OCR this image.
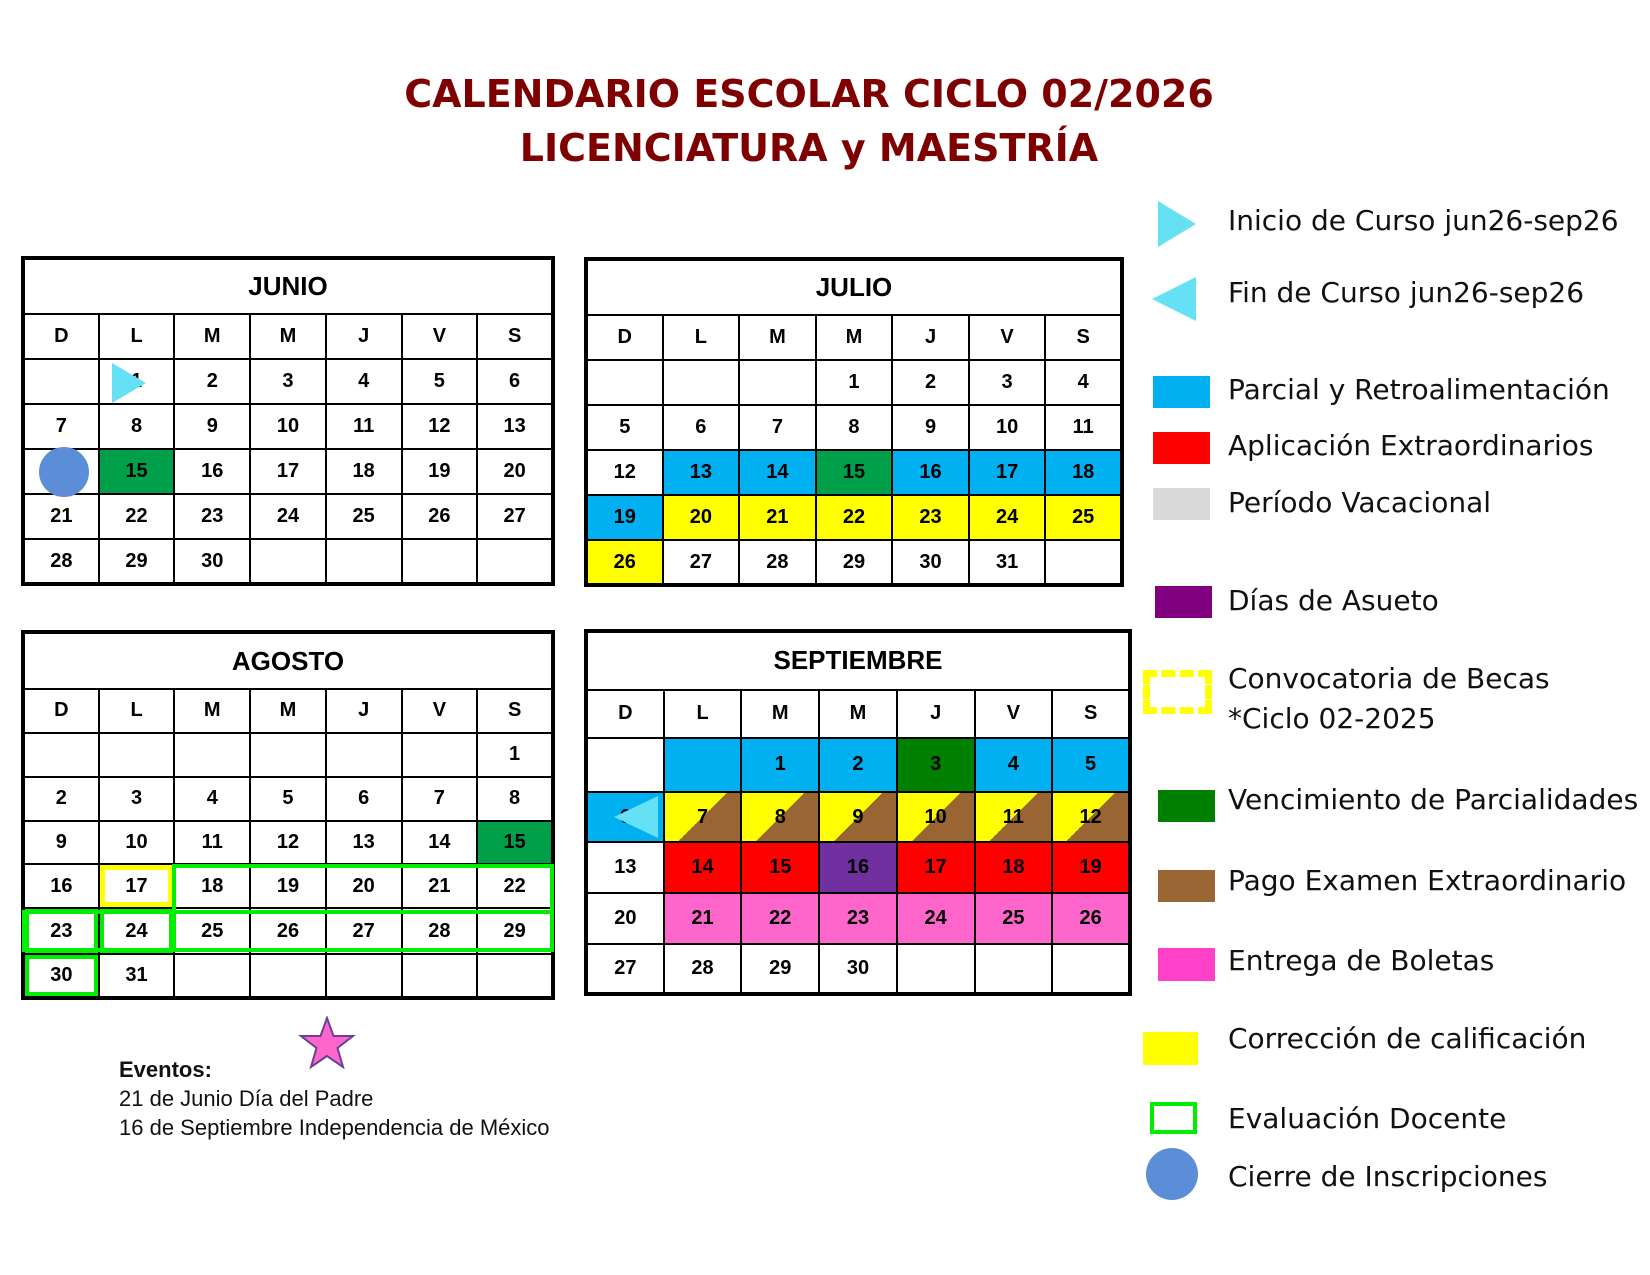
CALENDARIO ESCOLAR CICLO 02/2026
LICENCIATURA y MAESTRÍA
JUNIO						
D	L	M	M	J	V	S
	1	2	3	4	5	6
7	8	9	10	11	12	13

	15	16	17	18	19	20
21	22	23	24	25	26	27
28	29	30				
JULIO						
D	L	M	M	J	V	S
			1	2	3	4
5	6	7	8	9	10	11
12	13	14	15	16	17	18
19	20	21	22	23	24	25
26	27	28	29	30	31	
AGOSTO						
D	L	M	M	J	V	S
						1
2	3	4	5	6	7	8
9	10	11	12	13	14	15
16	17	18	19	20	21	22
23	24	25	26	27	28	29
30	31					
SEPTIEMBRE						
D	L	M	M	J	V	S
		1	2	3	4	5
6	7	8	9	10	11	12
13	14	15	16	17	18	19
20	21	22	23	24	25	26
27	28	29	30			
Inicio de Curso jun26-sep26
Fin de Curso jun26-sep26
Parcial y Retroalimentación
Aplicación Extraordinarios
Período Vacacional
Días de Asueto
Convocatoria de Becas
*Ciclo 02-2025
Vencimiento de Parcialidades
Pago Examen Extraordinario
Entrega de Boletas
Corrección de calificación
Evaluación Docente
Cierre de Inscripciones
Eventos:
21 de Junio Día del Padre
16 de Septiembre Independencia de México
